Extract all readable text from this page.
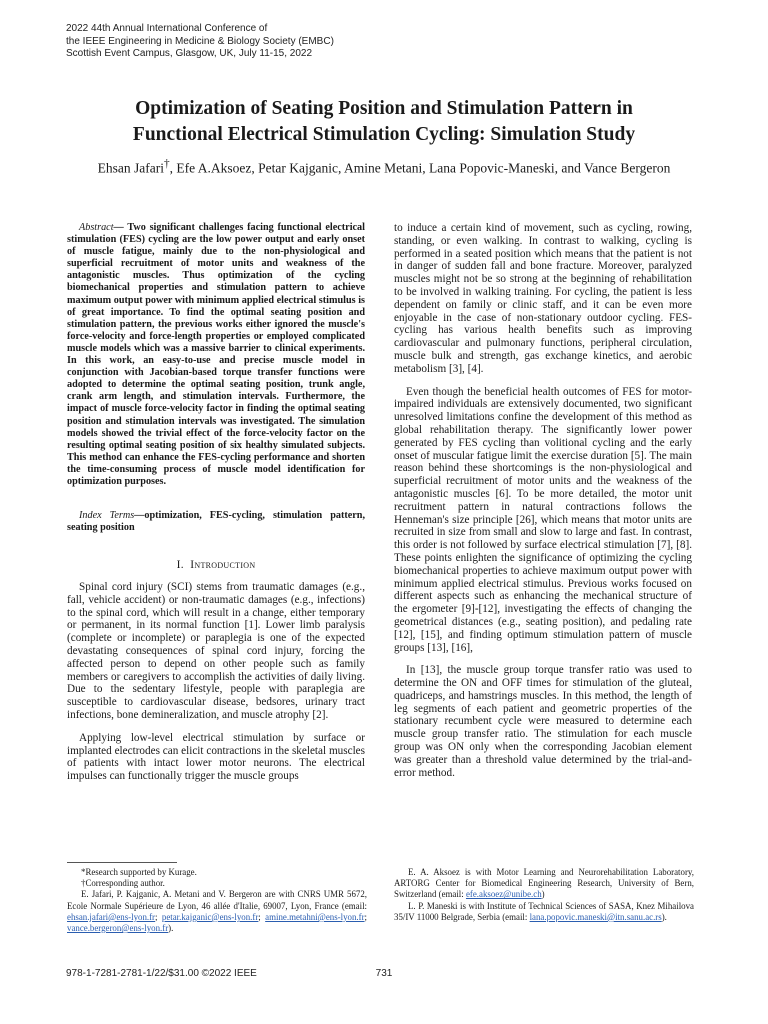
2022 44th Annual International Conference of
the IEEE Engineering in Medicine & Biology Society (EMBC)
Scottish Event Campus, Glasgow, UK, July 11-15, 2022
Optimization of Seating Position and Stimulation Pattern in
Functional Electrical Stimulation Cycling: Simulation Study
Ehsan Jafari†, Efe A.Aksoez, Petar Kajganic, Amine Metani, Lana Popovic-Maneski, and Vance Bergeron

Abstract— Two significant challenges facing functional electrical stimulation (FES) cycling are the low power output and early onset of muscle fatigue, mainly due to the non-physiological and superficial recruitment of motor units and weakness of the antagonistic muscles. Thus optimization of the cycling biomechanical properties and stimulation pattern to achieve maximum output power with minimum applied electrical stimulus is of great importance. To find the optimal seating position and stimulation pattern, the previous works either ignored the muscle's force-velocity and force-length properties or employed complicated muscle models which was a massive barrier to clinical experiments. In this work, an easy-to-use and precise muscle model in conjunction with Jacobian-based torque transfer functions were adopted to determine the optimal seating position, trunk angle, crank arm length, and stimulation intervals. Furthermore, the impact of muscle force-velocity factor in finding the optimal seating position and stimulation intervals was investigated. The simulation models showed the trivial effect of the force-velocity factor on the resulting optimal seating position of six healthy simulated subjects. This method can enhance the FES-cycling performance and shorten the time-consuming process of muscle model identification for optimization purposes.

Index Terms—optimization, FES-cycling, stimulation pattern, seating position

I. Introduction

Spinal cord injury (SCI) stems from traumatic damages (e.g., fall, vehicle accident) or non-traumatic damages (e.g., infections) to the spinal cord, which will result in a change, either temporary or permanent, in its normal function [1]. Lower limb paralysis (complete or incomplete) or paraplegia is one of the expected devastating consequences of spinal cord injury, forcing the affected person to depend on other people such as family members or caregivers to accomplish the activities of daily living. Due to the sedentary lifestyle, people with paraplegia are susceptible to cardiovascular disease, bedsores, urinary tract infections, bone demineralization, and muscle atrophy [2].

Applying low-level electrical stimulation by surface or implanted electrodes can elicit contractions in the skeletal muscles of patients with intact lower motor neurons. The electrical impulses can functionally trigger the muscle groups

to induce a certain kind of movement, such as cycling, rowing, standing, or even walking. In contrast to walking, cycling is performed in a seated position which means that the patient is not in danger of sudden fall and bone fracture. Moreover, paralyzed muscles might not be so strong at the beginning of rehabilitation to be involved in walking training. For cycling, the patient is less dependent on family or clinic staff, and it can be even more enjoyable in the case of non-stationary outdoor cycling. FES-cycling has various health benefits such as improving cardiovascular and pulmonary functions, peripheral circulation, muscle bulk and strength, gas exchange kinetics, and aerobic metabolism [3], [4].

Even though the beneficial health outcomes of FES for motor-impaired individuals are extensively documented, two significant unresolved limitations confine the development of this method as global rehabilitation therapy. The significantly lower power generated by FES cycling than volitional cycling and the early onset of muscular fatigue limit the exercise duration [5]. The main reason behind these shortcomings is the non-physiological and superficial recruitment of motor units and the weakness of the antagonistic muscles [6]. To be more detailed, the motor unit recruitment pattern in natural contractions follows the Henneman's size principle [26], which means that motor units are recruited in size from small and slow to large and fast. In contrast, this order is not followed by surface electrical stimulation [7], [8]. These points enlighten the significance of optimizing the cycling biomechanical properties to achieve maximum output power with minimum applied electrical stimulus. Previous works focused on different aspects such as enhancing the mechanical structure of the ergometer [9]-[12], investigating the effects of changing the geometrical distances (e.g., seating position), and pedaling rate [12], [15], and finding optimum stimulation pattern of muscle groups [13], [16],

In [13], the muscle group torque transfer ratio was used to determine the ON and OFF times for stimulation of the gluteal, quadriceps, and hamstrings muscles. In this method, the length of leg segments of each patient and geometric properties of the stationary recumbent cycle were measured to determine each muscle group transfer ratio. The stimulation for each muscle group was ON only when the corresponding Jacobian element was greater than a threshold value determined by the trial-and-error method.

*Research supported by Kurage.

†Corresponding author.

E. Jafari, P. Kajganic, A. Metani and V. Bergeron are with CNRS UMR 5672, Ecole Normale Supérieure de Lyon, 46 allée d'Italie, 69007, Lyon, France (email: ehsan.jafari@ens-lyon.fr; petar.kajganic@ens-lyon.fr; amine.metahni@ens-lyon.fr; vance.bergeron@ens-lyon.fr).

E. A. Aksoez is with Motor Learning and Neurorehabilitation Laboratory, ARTORG Center for Biomedical Engineering Research, University of Bern, Switzerland (email: efe.aksoez@unibe.ch)

L. P. Maneski is with Institute of Technical Sciences of SASA, Knez Mihailova 35/IV 11000 Belgrade, Serbia (email: lana.popovic.maneski@itn.sanu.ac.rs).

978-1-7281-2781-1/22/$31.00 ©2022 IEEE	731
